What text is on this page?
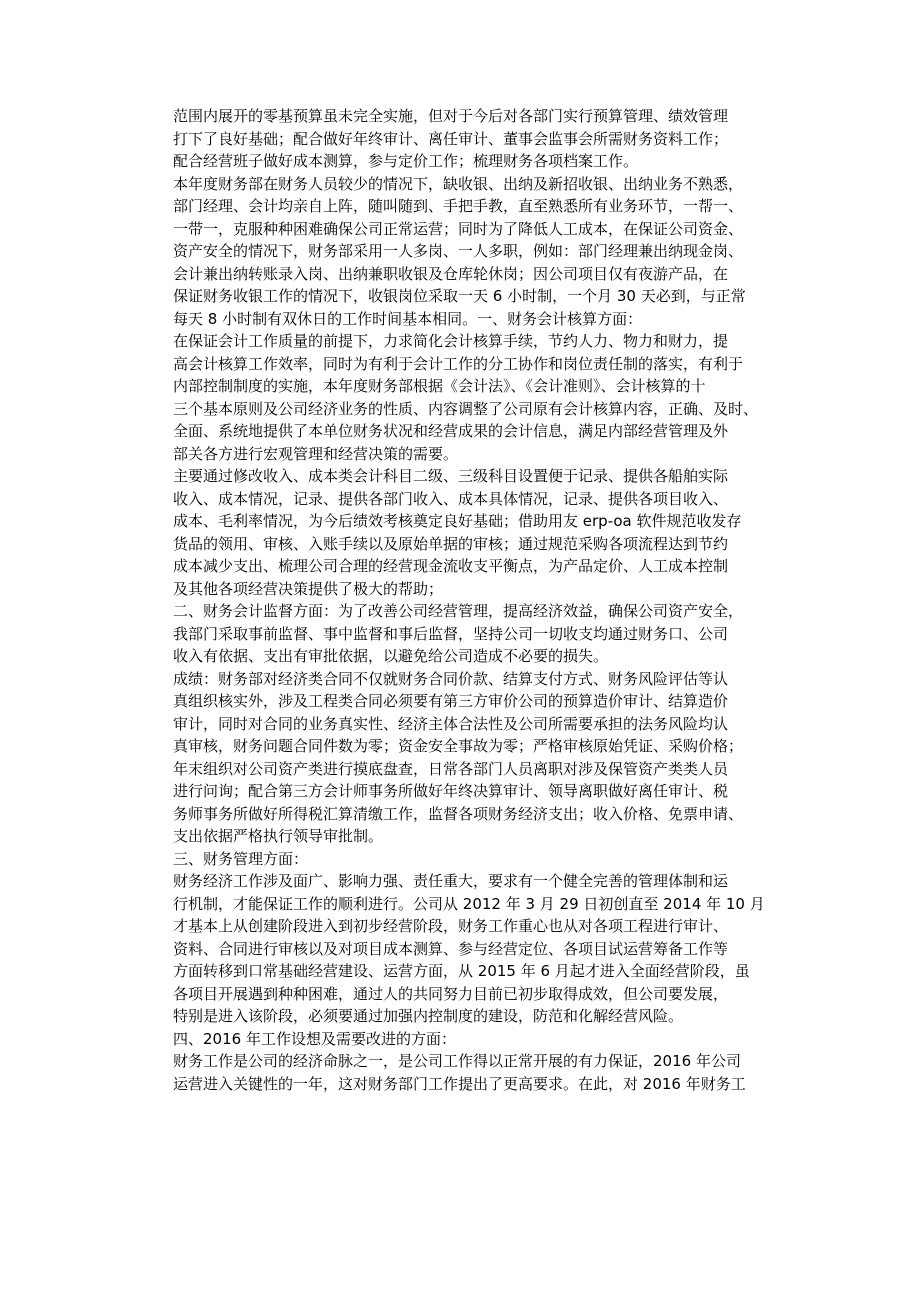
范围内展开的零基预算虽未完全实施，但对于今后对各部门实行预算管理、绩效管理
打下了良好基础；配合做好年终审计、离任审计、董事会监事会所需财务资料工作；
配合经营班子做好成本测算，参与定价工作；梳理财务各项档案工作。
本年度财务部在财务人员较少的情况下，缺收银、出纳及新招收银、出纳业务不熟悉，
部门经理、会计均亲自上阵，随叫随到、手把手教，直至熟悉所有业务环节，一帮一、
一带一，克服种种困难确保公司正常运营；同时为了降低人工成本，在保证公司资金、
资产安全的情况下，财务部采用一人多岗、一人多职，例如：部门经理兼出纳现金岗、
会计兼出纳转账录入岗、出纳兼职收银及仓库轮休岗；因公司项目仅有夜游产品，在
保证财务收银工作的情况下，收银岗位采取一天 6 小时制，一个月 30 天必到，与正常
每天 8 小时制有双休日的工作时间基本相同。一、财务会计核算方面：
在保证会计工作质量的前提下，力求简化会计核算手续，节约人力、物力和财力，提
高会计核算工作效率，同时为有利于会计工作的分工协作和岗位责任制的落实，有利于
内部控制制度的实施，本年度财务部根据《会计法》、《会计准则》、会计核算的十
三个基本原则及公司经济业务的性质、内容调整了公司原有会计核算内容，正确、及时、
全面、系统地提供了本单位财务状况和经营成果的会计信息，满足内部经营管理及外
部关各方进行宏观管理和经营决策的需要。
主要通过修改收入、成本类会计科目二级、三级科目设置便于记录、提供各船舶实际
收入、成本情况，记录、提供各部门收入、成本具体情况，记录、提供各项目收入、
成本、毛利率情况，为今后绩效考核奠定良好基础；借助用友 erp-oa 软件规范收发存
货品的领用、审核、入账手续以及原始单据的审核；通过规范采购各项流程达到节约
成本减少支出、梳理公司合理的经营现金流收支平衡点，为产品定价、人工成本控制
及其他各项经营决策提供了极大的帮助；
二、财务会计监督方面：为了改善公司经营管理，提高经济效益，确保公司资产安全，
我部门采取事前监督、事中监督和事后监督，坚持公司一切收支均通过财务口、公司
收入有依据、支出有审批依据，以避免给公司造成不必要的损失。
成绩：财务部对经济类合同不仅就财务合同价款、结算支付方式、财务风险评估等认
真组织核实外，涉及工程类合同必须要有第三方审价公司的预算造价审计、结算造价
审计，同时对合同的业务真实性、经济主体合法性及公司所需要承担的法务风险均认
真审核，财务问题合同件数为零；资金安全事故为零；严格审核原始凭证、采购价格；
年末组织对公司资产类进行摸底盘查，日常各部门人员离职对涉及保管资产类类人员
进行问询；配合第三方会计师事务所做好年终决算审计、领导离职做好离任审计、税
务师事务所做好所得税汇算清缴工作，监督各项财务经济支出；收入价格、免票申请、
支出依据严格执行领导审批制。
三、财务管理方面：
财务经济工作涉及面广、影响力强、责任重大，要求有一个健全完善的管理体制和运
行机制，才能保证工作的顺利进行。公司从 2012 年 3 月 29 日初创直至 2014 年 10 月
才基本上从创建阶段进入到初步经营阶段，财务工作重心也从对各项工程进行审计、
资料、合同进行审核以及对项目成本测算、参与经营定位、各项目试运营筹备工作等
方面转移到口常基础经营建设、运营方面，从 2015 年 6 月起才进入全面经营阶段，虽
各项目开展遇到种种困难，通过人的共同努力目前已初步取得成效，但公司要发展，
特别是进入该阶段，必须要通过加强内控制度的建设，防范和化解经营风险。
四、2016 年工作设想及需要改进的方面：
财务工作是公司的经济命脉之一，是公司工作得以正常开展的有力保证，2016 年公司
运营进入关键性的一年，这对财务部门工作提出了更高要求。在此，对 2016 年财务工
